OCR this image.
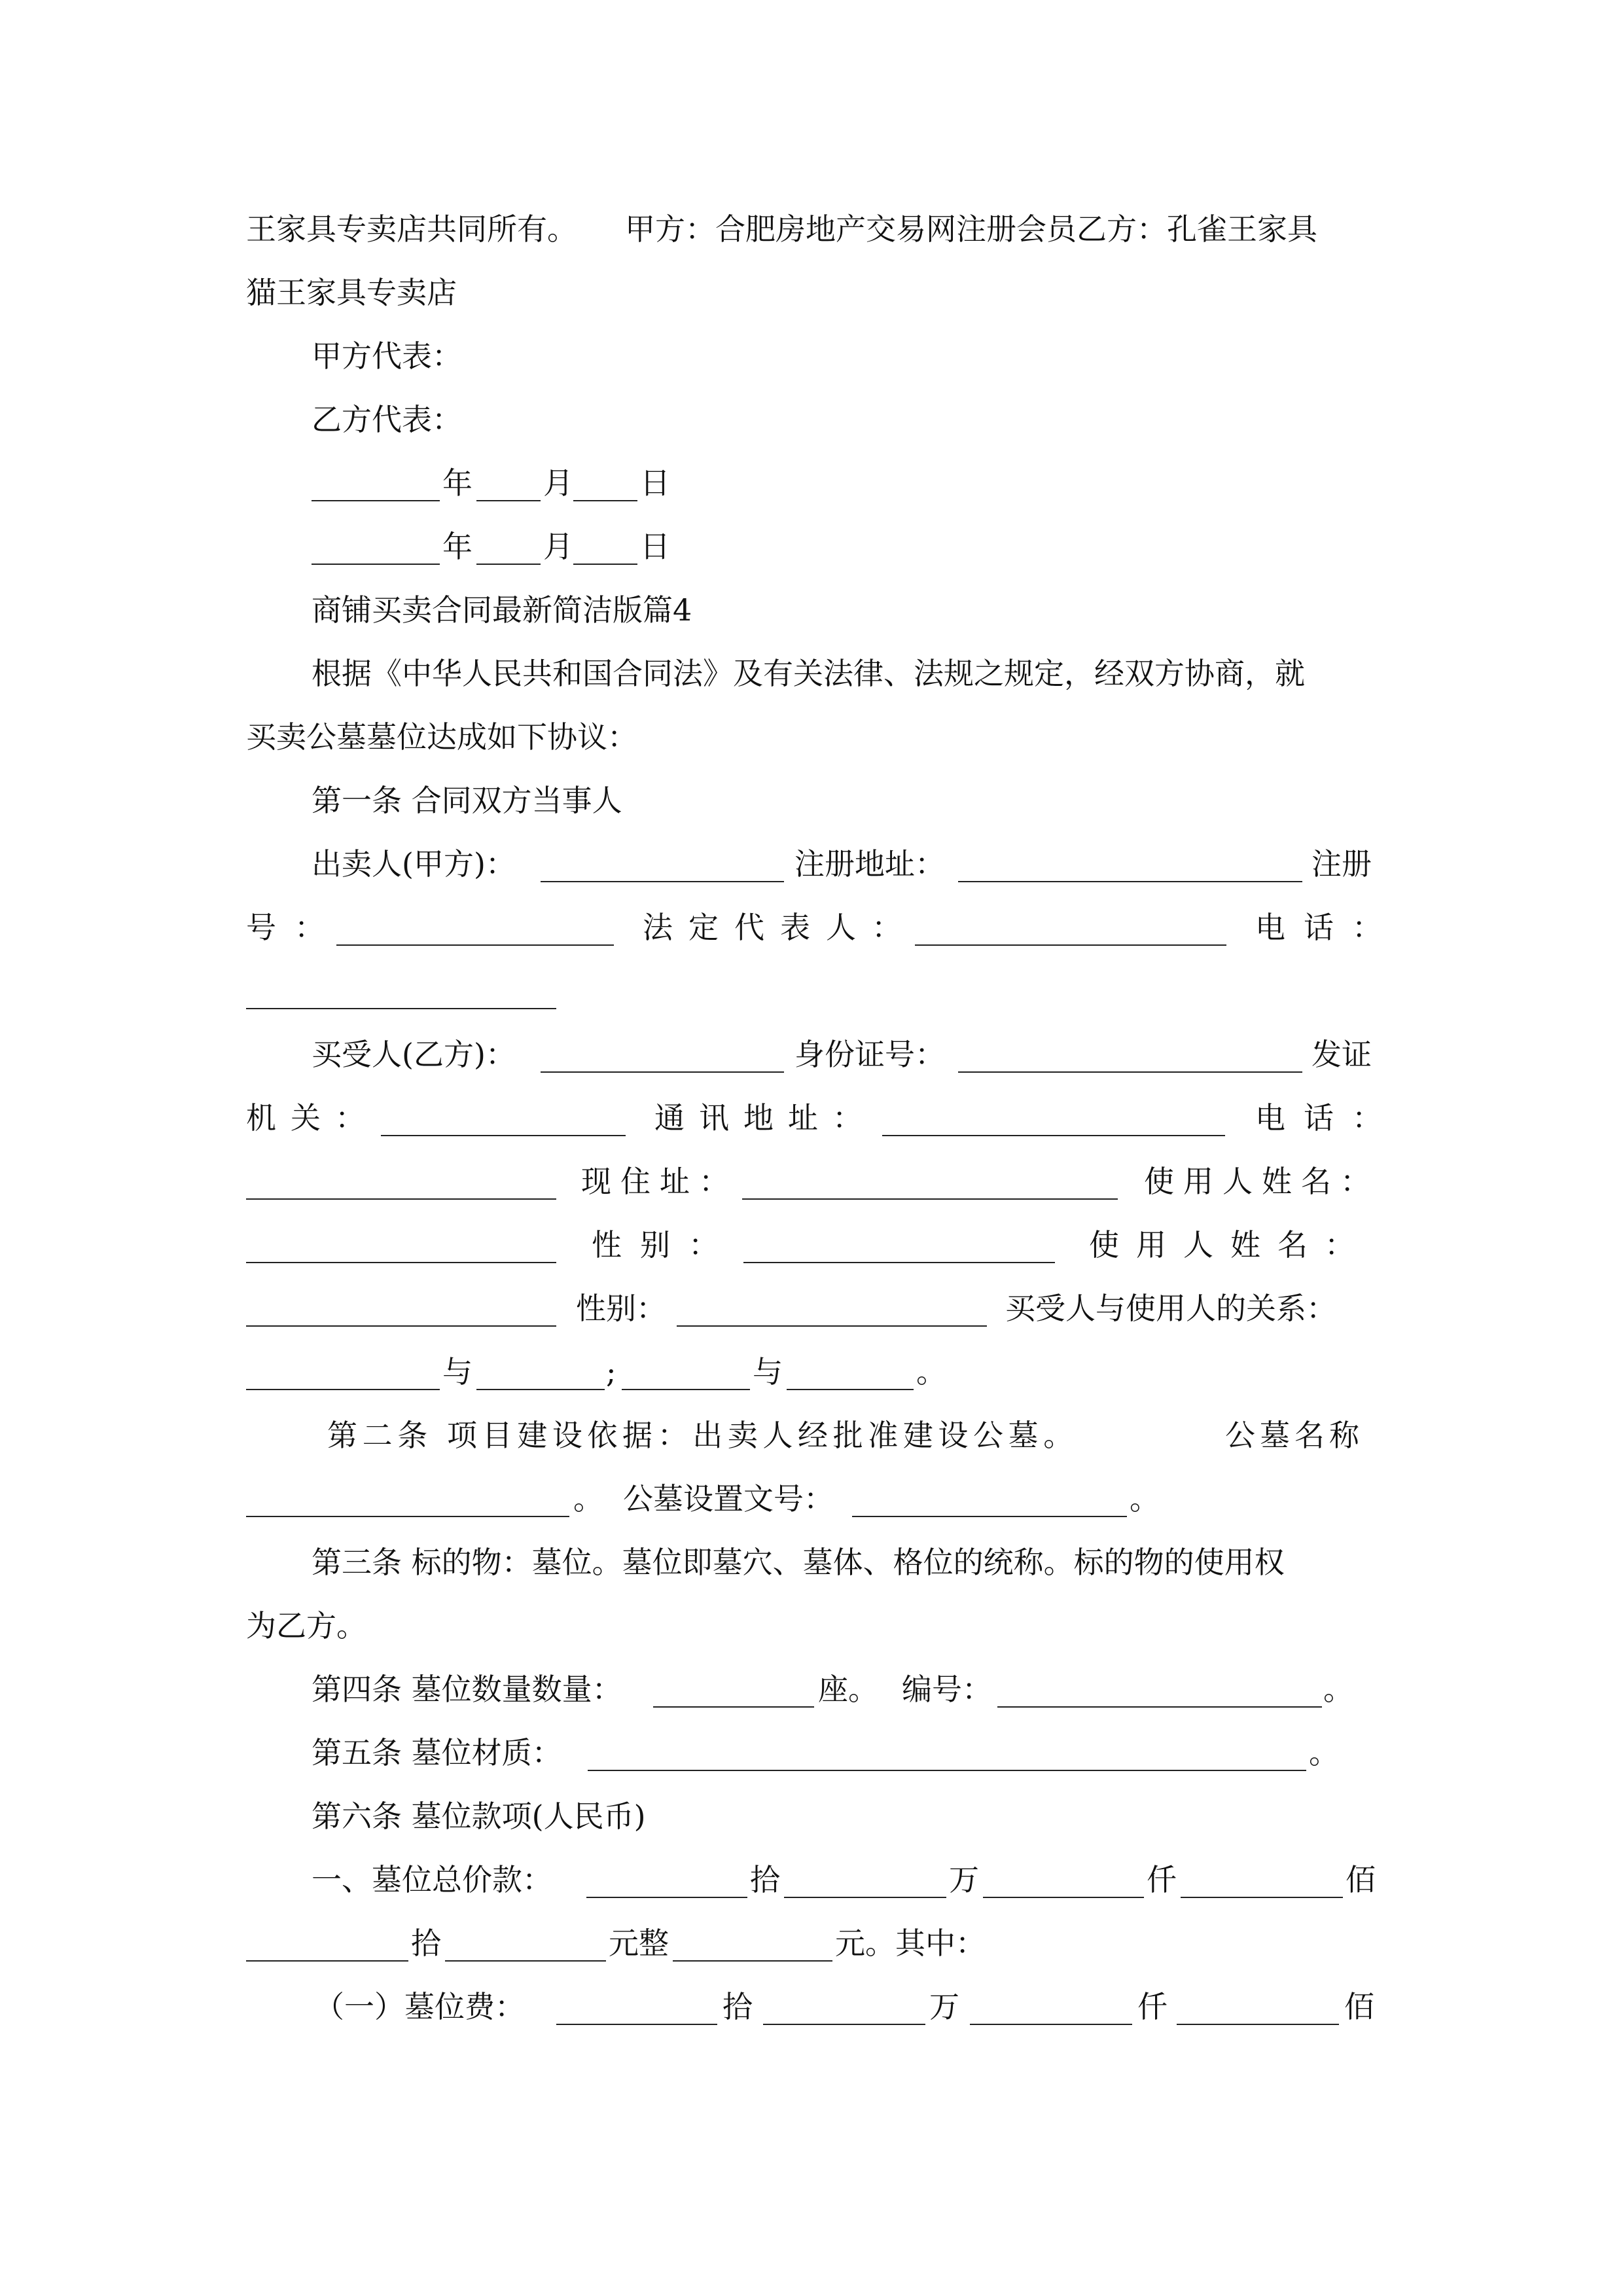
王家具专卖店共同所有。 甲方：合肥房地产交易网注册会员乙方：孔雀王家具
猫王家具专卖店
甲方代表：
乙方代表：
年 月 日
年 月 日
商铺买卖合同最新简洁版篇4
根据《中华人民共和国合同法》及有关法律、法规之规定，经双方协商，就
买卖公墓墓位达成如下协议：
第一条 合同双方当事人
出卖人(甲方)：	注册地址：	注册
号：	法定代表人：	电话：
买受人(乙方)：	身份证号：	发证
机关：	通讯地址：	电话：
现住址：	使用人姓名：
性别：	使用人姓名：
性别：	买受人与使用人的关系：
与	;	与	。
第二条 项目建设依据：出卖人经批准建设公墓。	公墓名称
。 公墓设置文号：	。
第三条 标的物：墓位。墓位即墓穴、墓体、格位的统称。标的物的使用权
为乙方。
第四条 墓位数量数量：	座。 编号：	。
第五条 墓位材质：	。
第六条 墓位款项(人民币)
一、墓位总价款：	拾	万	仟	佰
拾	元整	元。其中：
（一）墓位费：	拾	万	仟	佰
